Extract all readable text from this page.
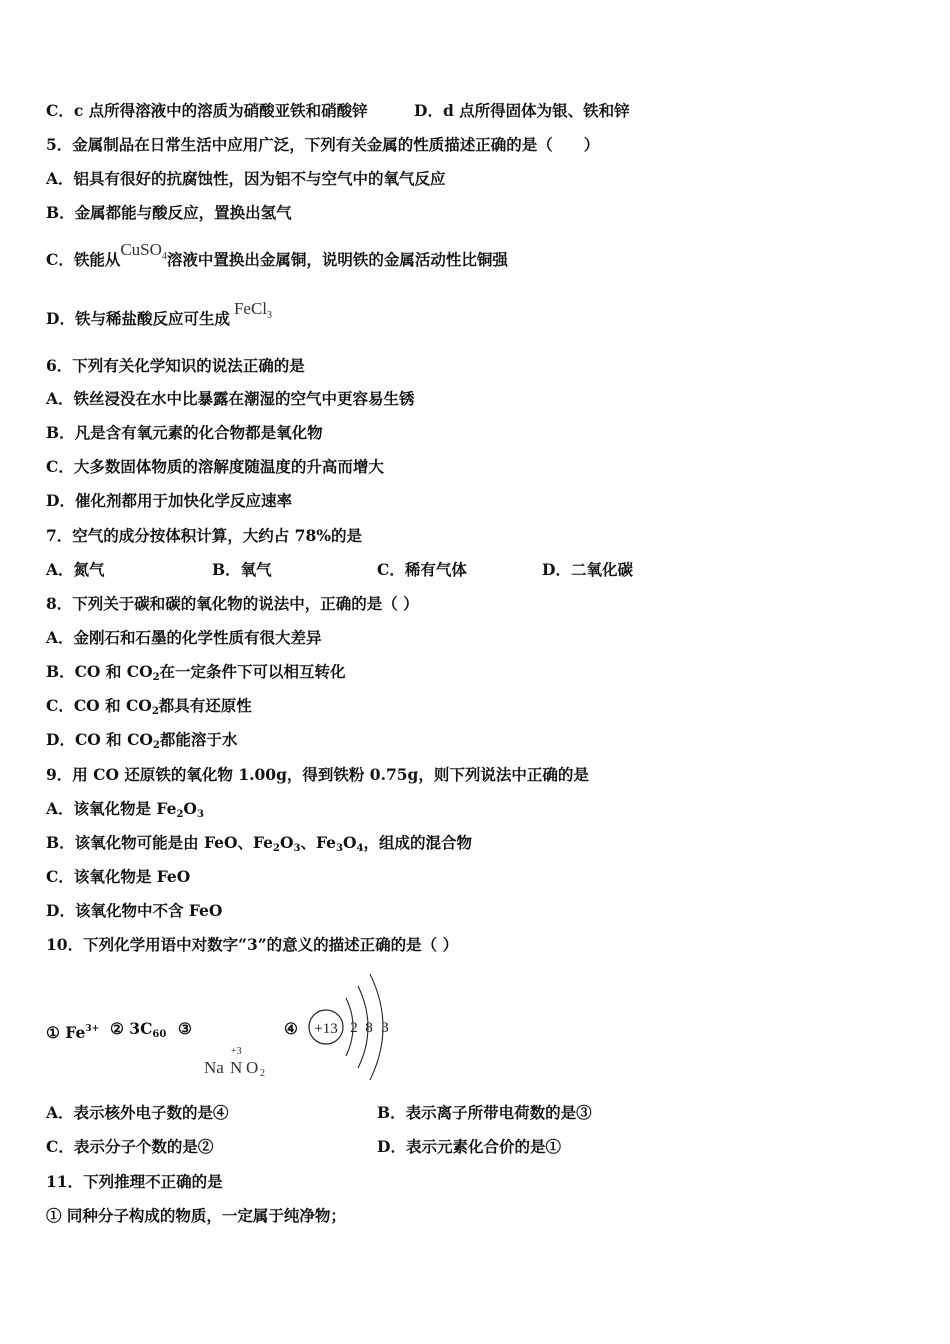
C．c 点所得溶液中的溶质为硝酸亚铁和硝酸锌	D．d 点所得固体为银、铁和锌
5．金属制品在日常生活中应用广泛，下列有关金属的性质描述正确的是（　　）
A．铝具有很好的抗腐蚀性，因为铝不与空气中的氧气反应
B．金属都能与酸反应，置换出氢气
C．铁能从CuSO$_4$溶液中置换出金属铜，说明铁的金属活动性比铜强
D．铁与稀盐酸反应可生成FeCl$_3$
6．下列有关化学知识的说法正确的是
A．铁丝浸没在水中比暴露在潮湿的空气中更容易生锈
B．凡是含有氧元素的化合物都是氧化物
C．大多数固体物质的溶解度随温度的升高而增大
D．催化剂都用于加快化学反应速率
7．空气的成分按体积计算，大约占 78%的是
A．氮气	B．氧气	C．稀有气体	D．二氧化碳
8．下列关于碳和碳的氧化物的说法中，正确的是（ ）
A．金刚石和石墨的化学性质有很大差异
B．CO 和 $CO_2$在一定条件下可以相互转化
C．CO 和 $CO_2$都具有还原性
D．CO 和 $CO_2$都能溶于水
9．用 CO 还原铁的氧化物 1.00g，得到铁粉 0.75g，则下列说法中正确的是
A．该氧化物是 $Fe_2O_3$
B．该氧化物可能是由 FeO、$Fe_2O_3$、$Fe_3O_4$，组成的混合物
C．该氧化物是 FeO
D．该氧化物中不含 FeO
10．下列化学用语中对数字“3”的意义的描述正确的是（ ）
① $Fe^{3+}$ ② $3C_{60}$ ③	④
+3
Na N O 2
+13 2 8 3
A．表示核外电子数的是④	B．表示离子所带电荷数的是③
C．表示分子个数的是②	D．表示元素化合价的是①
11．下列推理不正确的是
① 同种分子构成的物质，一定属于纯净物；
